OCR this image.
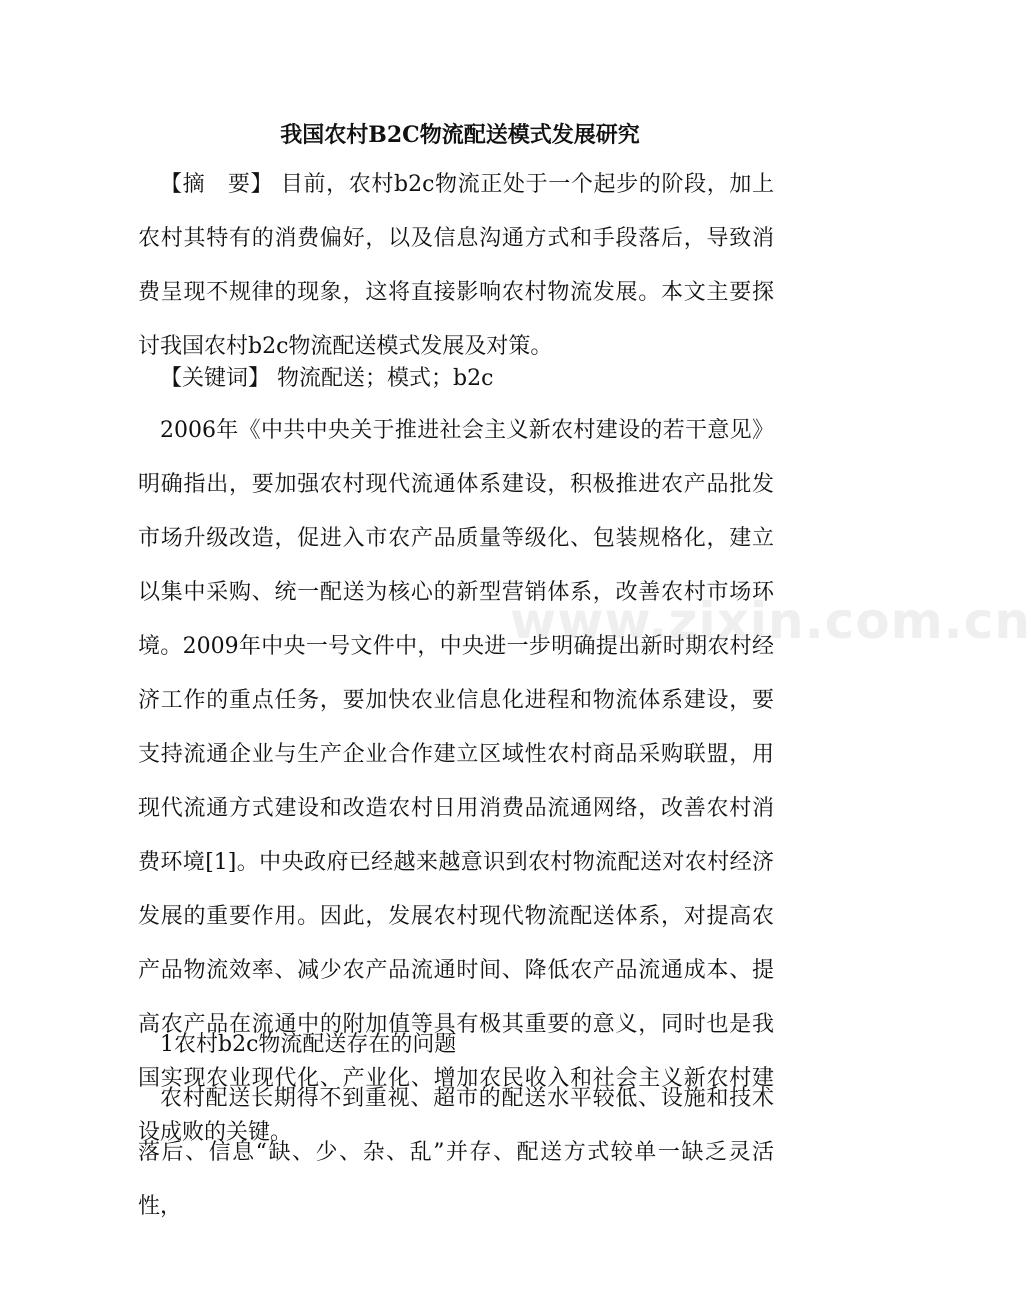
我国农村B2C物流配送模式发展研究
【摘　要】 目前，农村b2c物流正处于一个起步的阶段，加上农村其特有的消费偏好，以及信息沟通方式和手段落后，导致消费呈现不规律的现象，这将直接影响农村物流发展。本文主要探讨我国农村b2c物流配送模式发展及对策。
【关键词】 物流配送；模式；b2c
2006年《中共中央关于推进社会主义新农村建设的若干意见》明确指出，要加强农村现代流通体系建设，积极推进农产品批发市场升级改造，促进入市农产品质量等级化、包装规格化，建立以集中采购、统一配送为核心的新型营销体系，改善农村市场环境。2009年中央一号文件中，中央进一步明确提出新时期农村经济工作的重点任务，要加快农业信息化进程和物流体系建设，要支持流通企业与生产企业合作建立区域性农村商品采购联盟，用现代流通方式建设和改造农村日用消费品流通网络，改善农村消费环境[1]。中央政府已经越来越意识到农村物流配送对农村经济发展的重要作用。因此，发展农村现代物流配送体系，对提高农产品物流效率、减少农产品流通时间、降低农产品流通成本、提高农产品在流通中的附加值等具有极其重要的意义，同时也是我国实现农业现代化、产业化、增加农民收入和社会主义新农村建设成败的关键。
1农村b2c物流配送存在的问题
农村配送长期得不到重视、超市的配送水平较低、设施和技术落后、信息“缺、少、杂、乱”并存、配送方式较单一缺乏灵活性，
www.zixin.com.cn
